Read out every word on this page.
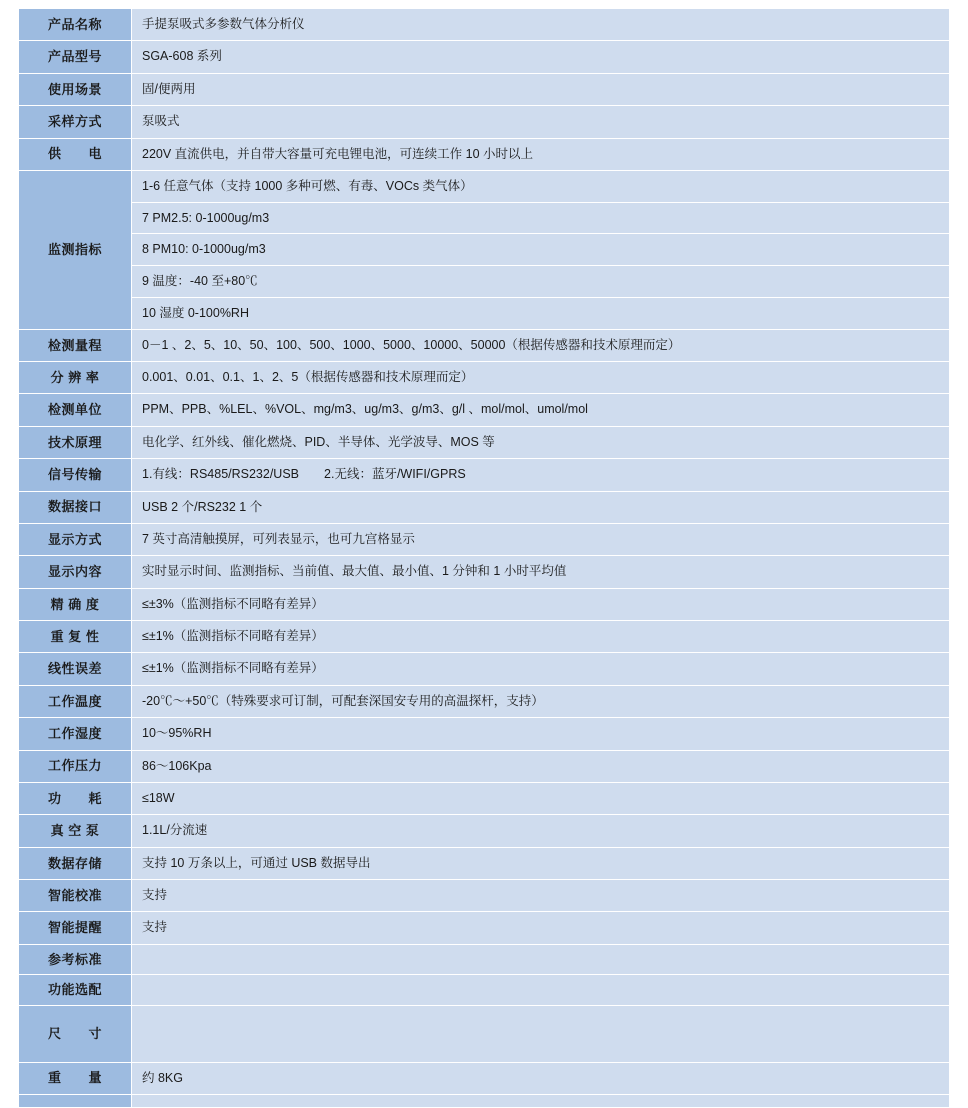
产品名称	手提泵吸式多参数气体分析仪
产品型号	SGA-608 系列
使用场景	固/便两用
采样方式	泵吸式
供　　电	220V 直流供电，并自带大容量可充电锂电池，可连续工作 10 小时以上
监测指标	1-6 任意气体（支持 1000 多种可燃、有毒、VOCs 类气体）
7 PM2.5: 0-1000ug/m3
8 PM10: 0-1000ug/m3
9 温度：-40 至+80℃
10 湿度 0-100%RH

检测量程	0－1 、2、5、10、50、100、500、1000、5000、10000、50000（根据传感器和技术原理而定）
分 辨 率	0.001、0.01、0.1、1、2、5（根据传感器和技术原理而定）
检测单位	PPM、PPB、%LEL、%VOL、mg/m3、ug/m3、g/m3、g/l 、mol/mol、umol/mol
技术原理	电化学、红外线、催化燃烧、PID、半导体、光学波导、MOS 等
信号传输	1.有线：RS485/RS232/USB　　2.无线：蓝牙/WIFI/GPRS
数据接口	USB 2 个/RS232 1 个
显示方式	7 英寸高清触摸屏，可列表显示，也可九宫格显示
显示内容	实时显示时间、监测指标、当前值、最大值、最小值、1 分钟和 1 小时平均值
精 确 度	≤±3%（监测指标不同略有差异）
重 复 性	≤±1%（监测指标不同略有差异）
线性误差	≤±1%（监测指标不同略有差异）
工作温度	-20℃～+50℃（特殊要求可订制，可配套深国安专用的高温探杆，支持）
工作湿度	10～95%RH
工作压力	86～106Kpa
功　　耗	≤18W
真 空 泵	1.1L/分流速
数据存储	支持 10 万条以上，可通过 USB 数据导出
智能校准	支持
智能提醒	支持
参考标准	
功能选配	

尺　　寸	

重　　量	约 8KG
